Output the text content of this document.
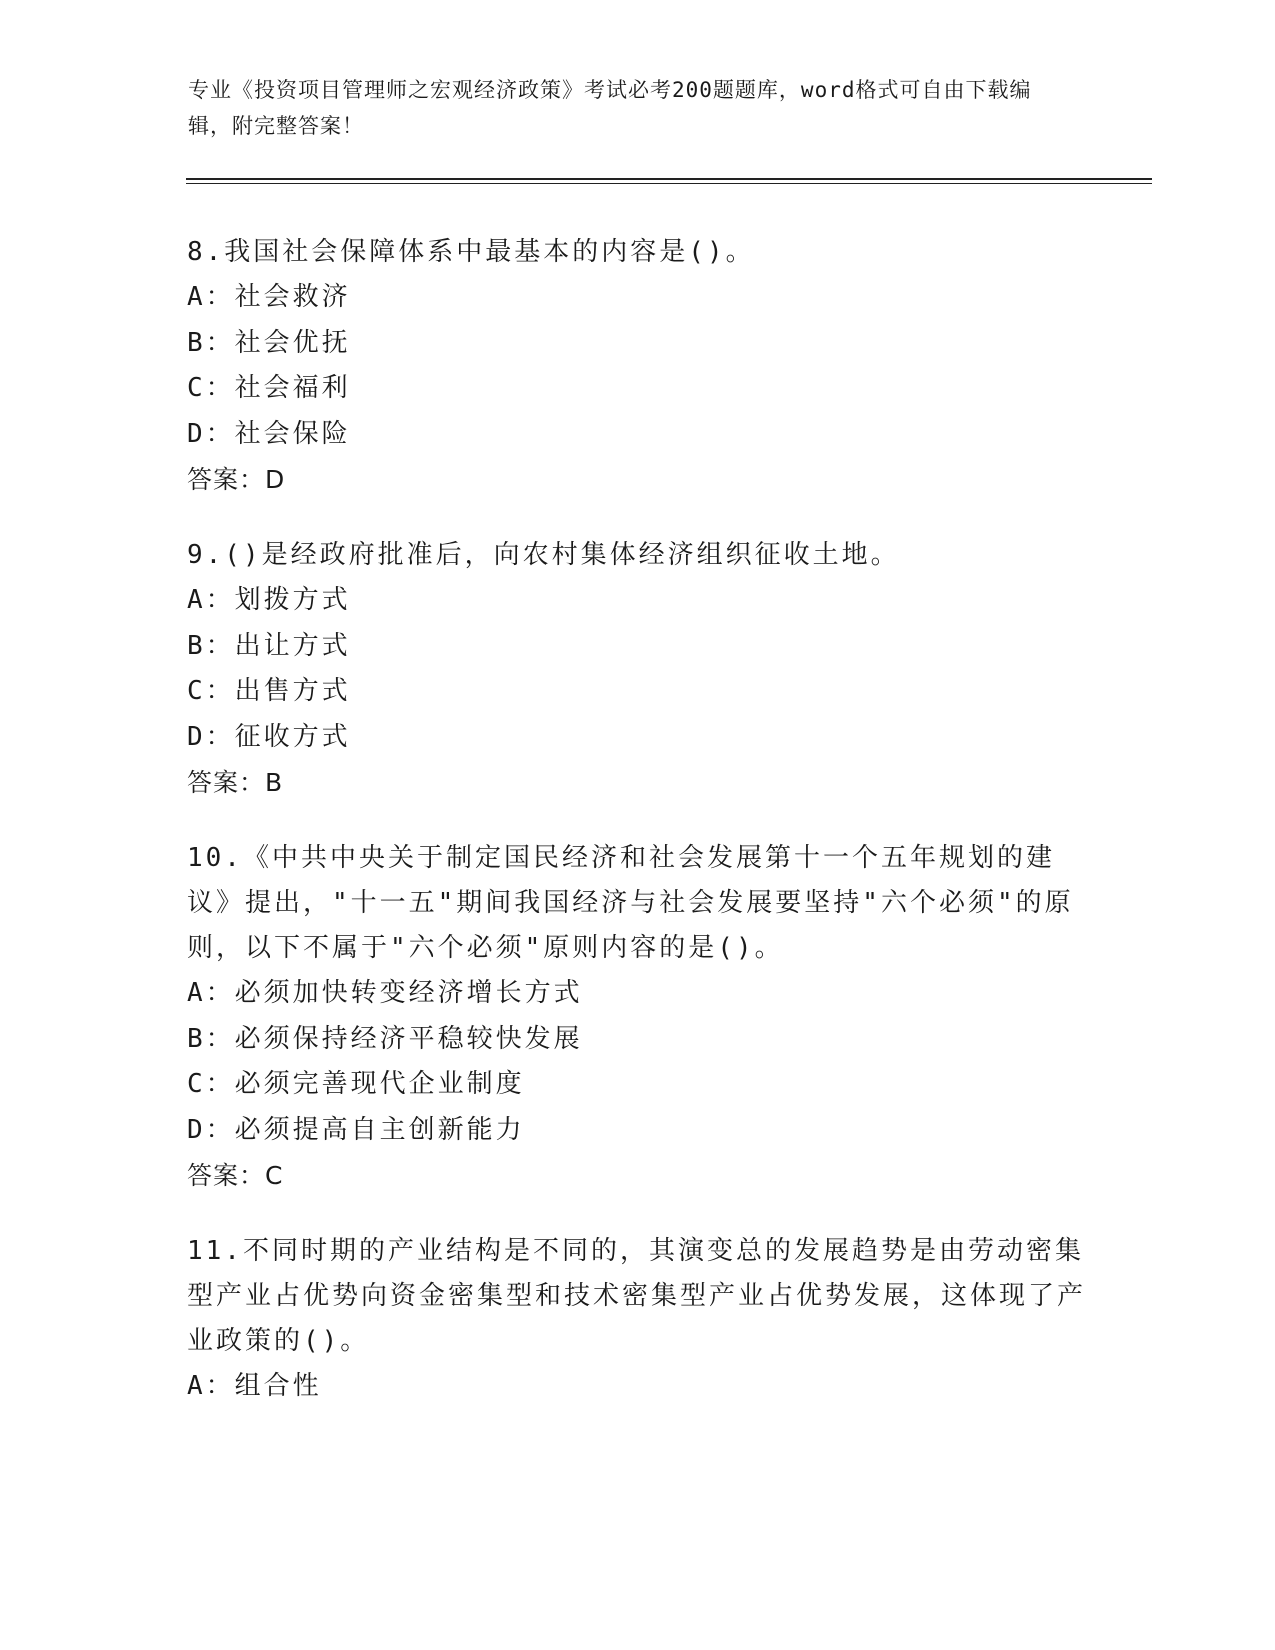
专业《投资项目管理师之宏观经济政策》考试必考200题题库，word格式可自由下载编辑，附完整答案！
8.我国社会保障体系中最基本的内容是()。
A：社会救济
B：社会优抚
C：社会福利
D：社会保险
答案：D
9.()是经政府批准后，向农村集体经济组织征收土地。
A：划拨方式
B：出让方式
C：出售方式
D：征收方式
答案：B
10.《中共中央关于制定国民经济和社会发展第十一个五年规划的建议》提出，"十一五"期间我国经济与社会发展要坚持"六个必须"的原则，以下不属于"六个必须"原则内容的是()。
A：必须加快转变经济增长方式
B：必须保持经济平稳较快发展
C：必须完善现代企业制度
D：必须提高自主创新能力
答案：C
11.不同时期的产业结构是不同的，其演变总的发展趋势是由劳动密集型产业占优势向资金密集型和技术密集型产业占优势发展，这体现了产业政策的()。
A：组合性
